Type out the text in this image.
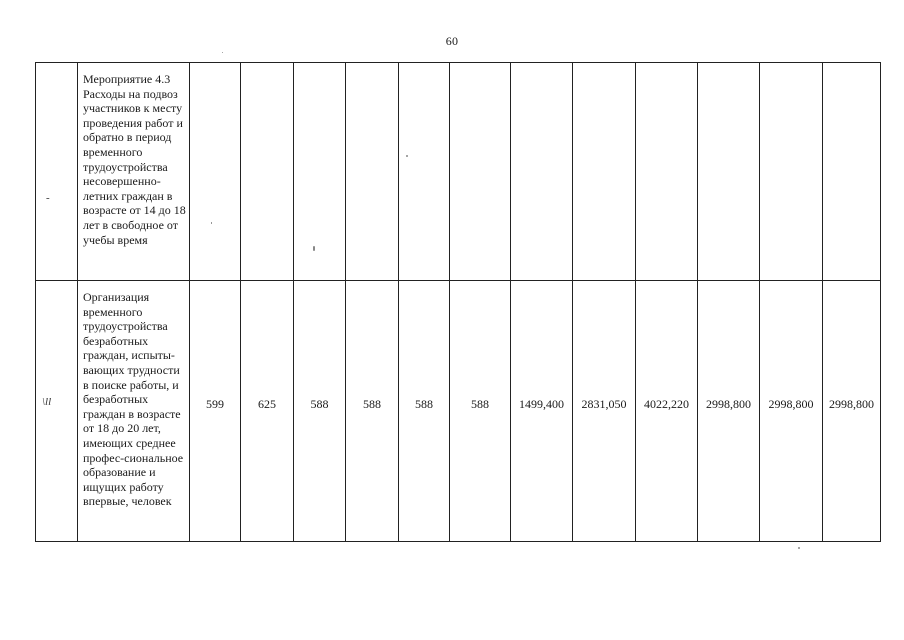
60
-	Мероприятие 4.3 Расходы на подвоз участников к месту проведения работ и обратно в период временного трудоустройства несовершенно-летних граждан в возрасте от 14 до 18 лет в свободное от учебы время												

\ll	Организация временного трудоустройства безработных граждан, испыты-вающих трудности в поиске работы, и безработных граждан в возрасте от 18 до 20 лет, имеющих среднее профес-сиональное образование и ищущих работу впервые, человек	599	625	588	588	588	588	1499,400	2831,050	4022,220	2998,800	2998,800	2998,800
